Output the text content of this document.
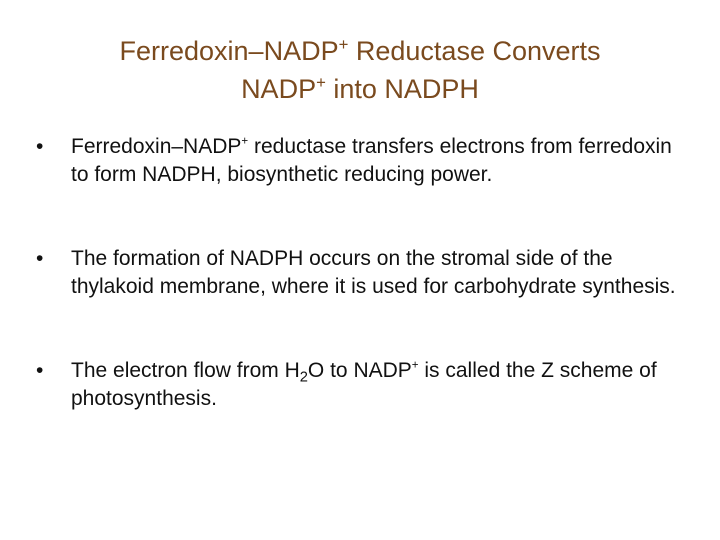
Ferredoxin–NADP+ Reductase Converts
NADP+ into NADPH
•	Ferredoxin–NADP+ reductase transfers electrons from ferredoxin to form NADPH, biosynthetic reducing power.
•	The formation of NADPH occurs on the stromal side of the thylakoid membrane, where it is used for carbohydrate synthesis.
•	The electron flow from $H_2O$ to NADP+ is called the Z scheme of photosynthesis.
